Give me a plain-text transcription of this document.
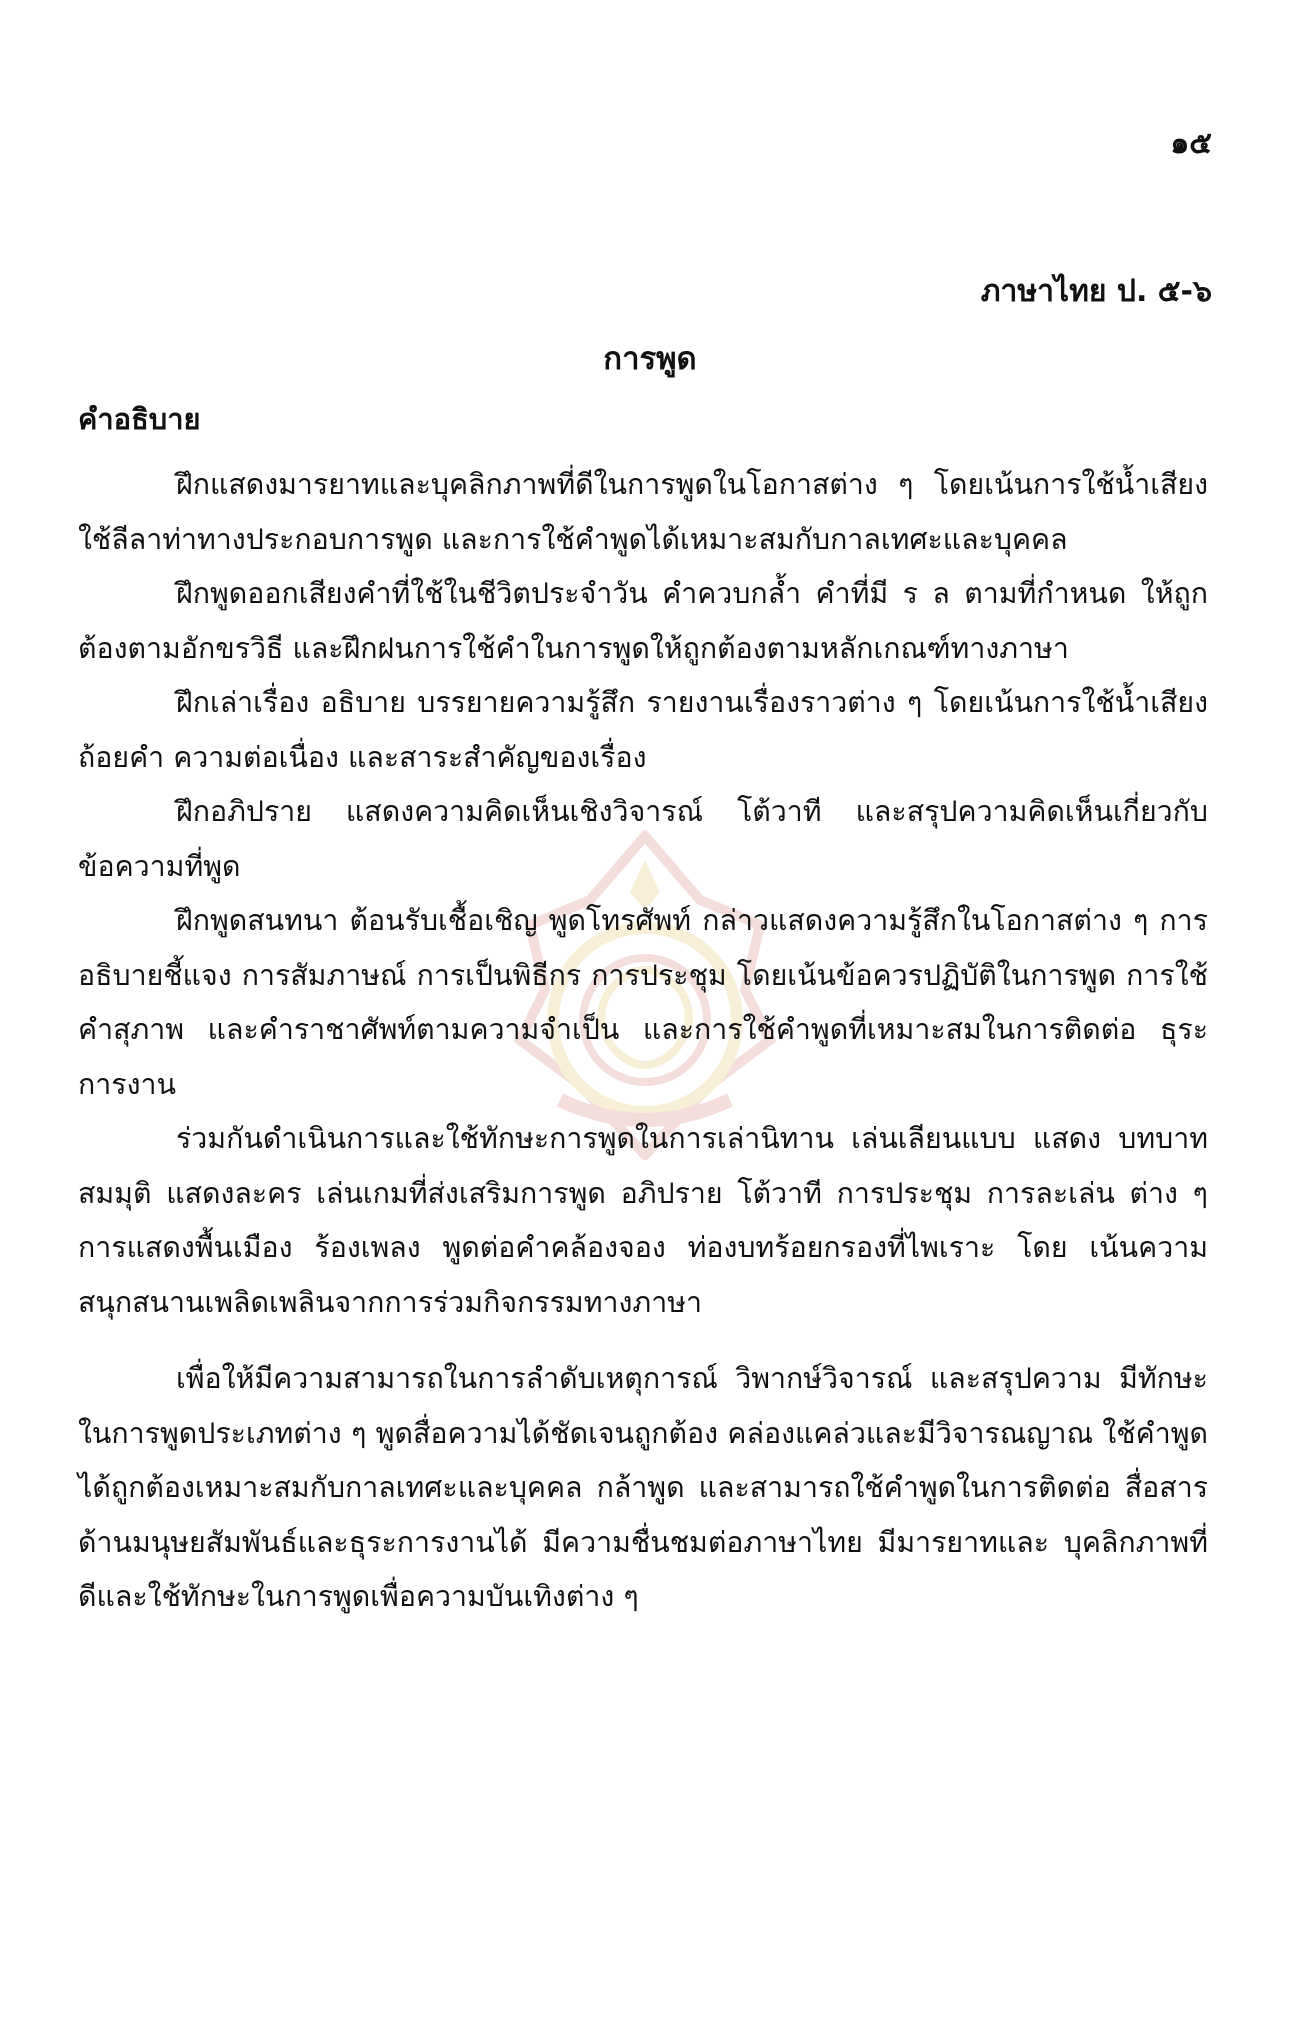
๑๕
ภาษาไทย ป. ๕-๖
การพูด
คำอธิบาย

ฝึกแสดงมารยาทและบุคลิกภาพที่ดีในการพูดในโอกาสต่าง ๆ โดยเน้นการใช้น้ำเสียง ใช้ลีลาท่าทางประกอบการพูด และการใช้คำพูดได้เหมาะสมกับกาลเทศะและบุคคล

ฝึกพูดออกเสียงคำที่ใช้ในชีวิตประจำวัน คำควบกล้ำ คำที่มี ร ล ตามที่กำหนด ให้ถูกต้องตามอักขรวิธี และฝึกฝนการใช้คำในการพูดให้ถูกต้องตามหลักเกณฑ์ทางภาษา

ฝึกเล่าเรื่อง อธิบาย บรรยายความรู้สึก รายงานเรื่องราวต่าง ๆ โดยเน้นการใช้น้ำเสียง ถ้อยคำ ความต่อเนื่อง และสาระสำคัญของเรื่อง

ฝึกอภิปราย แสดงความคิดเห็นเชิงวิจารณ์ โต้วาที และสรุปความคิดเห็นเกี่ยวกับ ข้อความที่พูด

ฝึกพูดสนทนา ต้อนรับเชื้อเชิญ พูดโทรศัพท์ กล่าวแสดงความรู้สึกในโอกาสต่าง ๆ การอธิบายชี้แจง การสัมภาษณ์ การเป็นพิธีกร การประชุม โดยเน้นข้อควรปฏิบัติในการพูด การใช้คำสุภาพ และคำราชาศัพท์ตามความจำเป็น และการใช้คำพูดที่เหมาะสมในการติดต่อ ธุระการงาน

ร่วมกันดำเนินการและใช้ทักษะการพูดในการเล่านิทาน เล่นเลียนแบบ แสดง บทบาทสมมุติ แสดงละคร เล่นเกมที่ส่งเสริมการพูด อภิปราย โต้วาที การประชุม การละเล่น ต่าง ๆ การแสดงพื้นเมือง ร้องเพลง พูดต่อคำคล้องจอง ท่องบทร้อยกรองที่ไพเราะ โดย เน้นความสนุกสนานเพลิดเพลินจากการร่วมกิจกรรมทางภาษา

เพื่อให้มีความสามารถในการลำดับเหตุการณ์ วิพากษ์วิจารณ์ และสรุปความ มีทักษะ ในการพูดประเภทต่าง ๆ พูดสื่อความได้ชัดเจนถูกต้อง คล่องแคล่วและมีวิจารณญาณ ใช้คำพูดได้ถูกต้องเหมาะสมกับกาลเทศะและบุคคล กล้าพูด และสามารถใช้คำพูดในการติดต่อ สื่อสารด้านมนุษยสัมพันธ์และธุระการงานได้ มีความชื่นชมต่อภาษาไทย มีมารยาทและ บุคลิกภาพที่ดีและใช้ทักษะในการพูดเพื่อความบันเทิงต่าง ๆ
